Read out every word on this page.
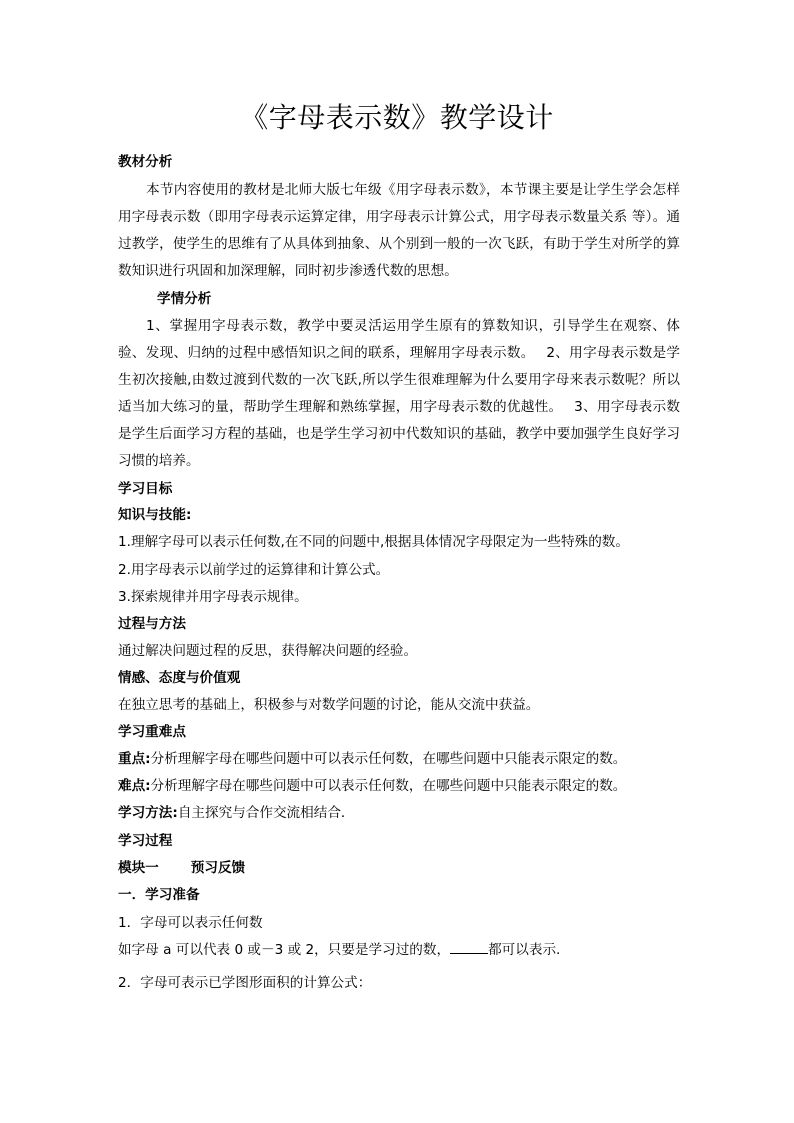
《字母表示数》教学设计
教材分析
本节内容使用的教材是北师大版七年级《用字母表示数》，本节课主要是让学生学会怎样用字母表示数（即用字母表示运算定律，用字母表示计算公式，用字母表示数量关系 等）。通过教学，使学生的思维有了从具体到抽象、从个别到一般的一次飞跃，有助于学生对所学的算数知识进行巩固和加深理解，同时初步渗透代数的思想。
学情分析
1、掌握用字母表示数，教学中要灵活运用学生原有的算数知识，引导学生在观察、体验、发现、归纳的过程中感悟知识之间的联系，理解用字母表示数。　 2、用字母表示数是学生初次接触,由数过渡到代数的一次飞跃,所以学生很难理解为什么要用字母来表示数呢？所以适当加大练习的量，帮助学生理解和熟练掌握，用字母表示数的优越性。　 3、用字母表示数是学生后面学习方程的基础，也是学生学习初中代数知识的基础，教学中要加强学生良好学习习惯的培养。
学习目标
知识与技能:
1.理解字母可以表示任何数,在不同的问题中,根据具体情况字母限定为一些特殊的数。
2.用字母表示以前学过的运算律和计算公式。
3.探索规律并用字母表示规律。
过程与方法
通过解决问题过程的反思，获得解决问题的经验。
情感、态度与价值观
在独立思考的基础上，积极参与对数学问题的讨论，能从交流中获益。
学习重难点
重点:分析理解字母在哪些问题中可以表示任何数，在哪些问题中只能表示限定的数。
难点:分析理解字母在哪些问题中可以表示任何数，在哪些问题中只能表示限定的数。
学习方法:自主探究与合作交流相结合．
学习过程
模块一 预习反馈
一．学习准备
1．字母可以表示任何数
如字母 a 可以代表 0 或－3 或 2，只要是学习过的数，	都可以表示.
2．字母可表示已学图形面积的计算公式：
